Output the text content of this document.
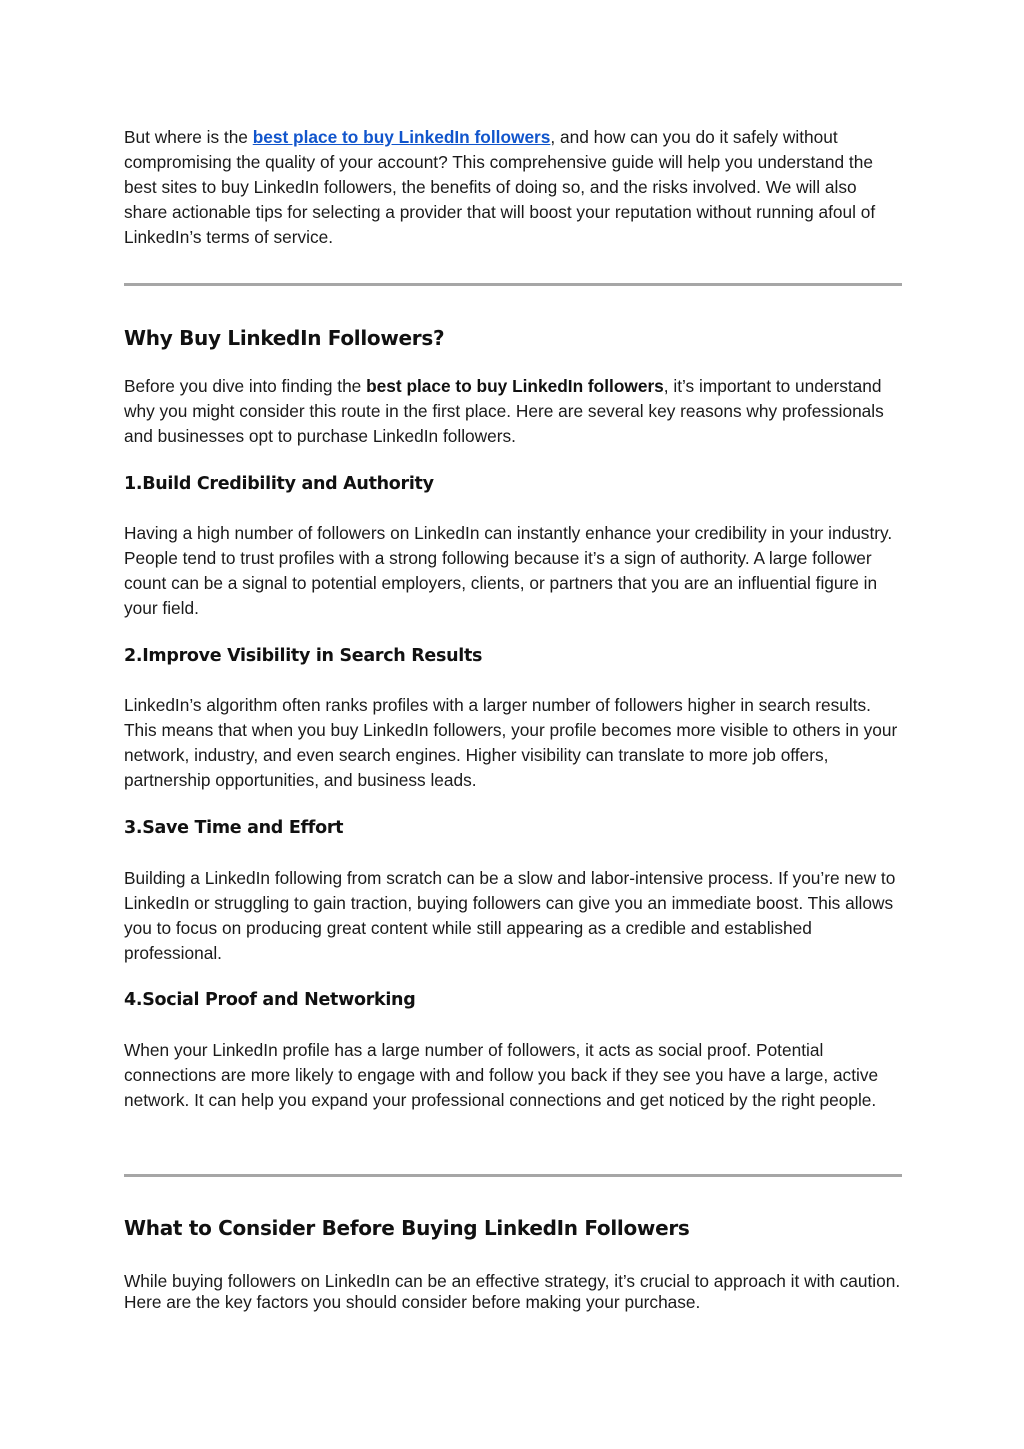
But where is the best place to buy LinkedIn followers, and how can you do it safely without compromising the quality of your account? This comprehensive guide will help you understand the best sites to buy LinkedIn followers, the benefits of doing so, and the risks involved. We will also share actionable tips for selecting a provider that will boost your reputation without running afoul of LinkedIn’s terms of service.

Why Buy LinkedIn Followers?

Before you dive into finding the best place to buy LinkedIn followers, it’s important to understand why you might consider this route in the first place. Here are several key reasons why professionals and businesses opt to purchase LinkedIn followers.

1.Build Credibility and Authority

Having a high number of followers on LinkedIn can instantly enhance your credibility in your industry. People tend to trust profiles with a strong following because it’s a sign of authority. A large follower count can be a signal to potential employers, clients, or partners that you are an influential figure in your field.

2.Improve Visibility in Search Results

LinkedIn’s algorithm often ranks profiles with a larger number of followers higher in search results. This means that when you buy LinkedIn followers, your profile becomes more visible to others in your network, industry, and even search engines. Higher visibility can translate to more job offers, partnership opportunities, and business leads.

3.Save Time and Effort

Building a LinkedIn following from scratch can be a slow and labor-intensive process. If you’re new to LinkedIn or struggling to gain traction, buying followers can give you an immediate boost. This allows you to focus on producing great content while still appearing as a credible and established professional.

4.Social Proof and Networking

When your LinkedIn profile has a large number of followers, it acts as social proof. Potential connections are more likely to engage with and follow you back if they see you have a large, active network. It can help you expand your professional connections and get noticed by the right people.

What to Consider Before Buying LinkedIn Followers

While buying followers on LinkedIn can be an effective strategy, it’s crucial to approach it with caution. Here are the key factors you should consider before making your purchase.
